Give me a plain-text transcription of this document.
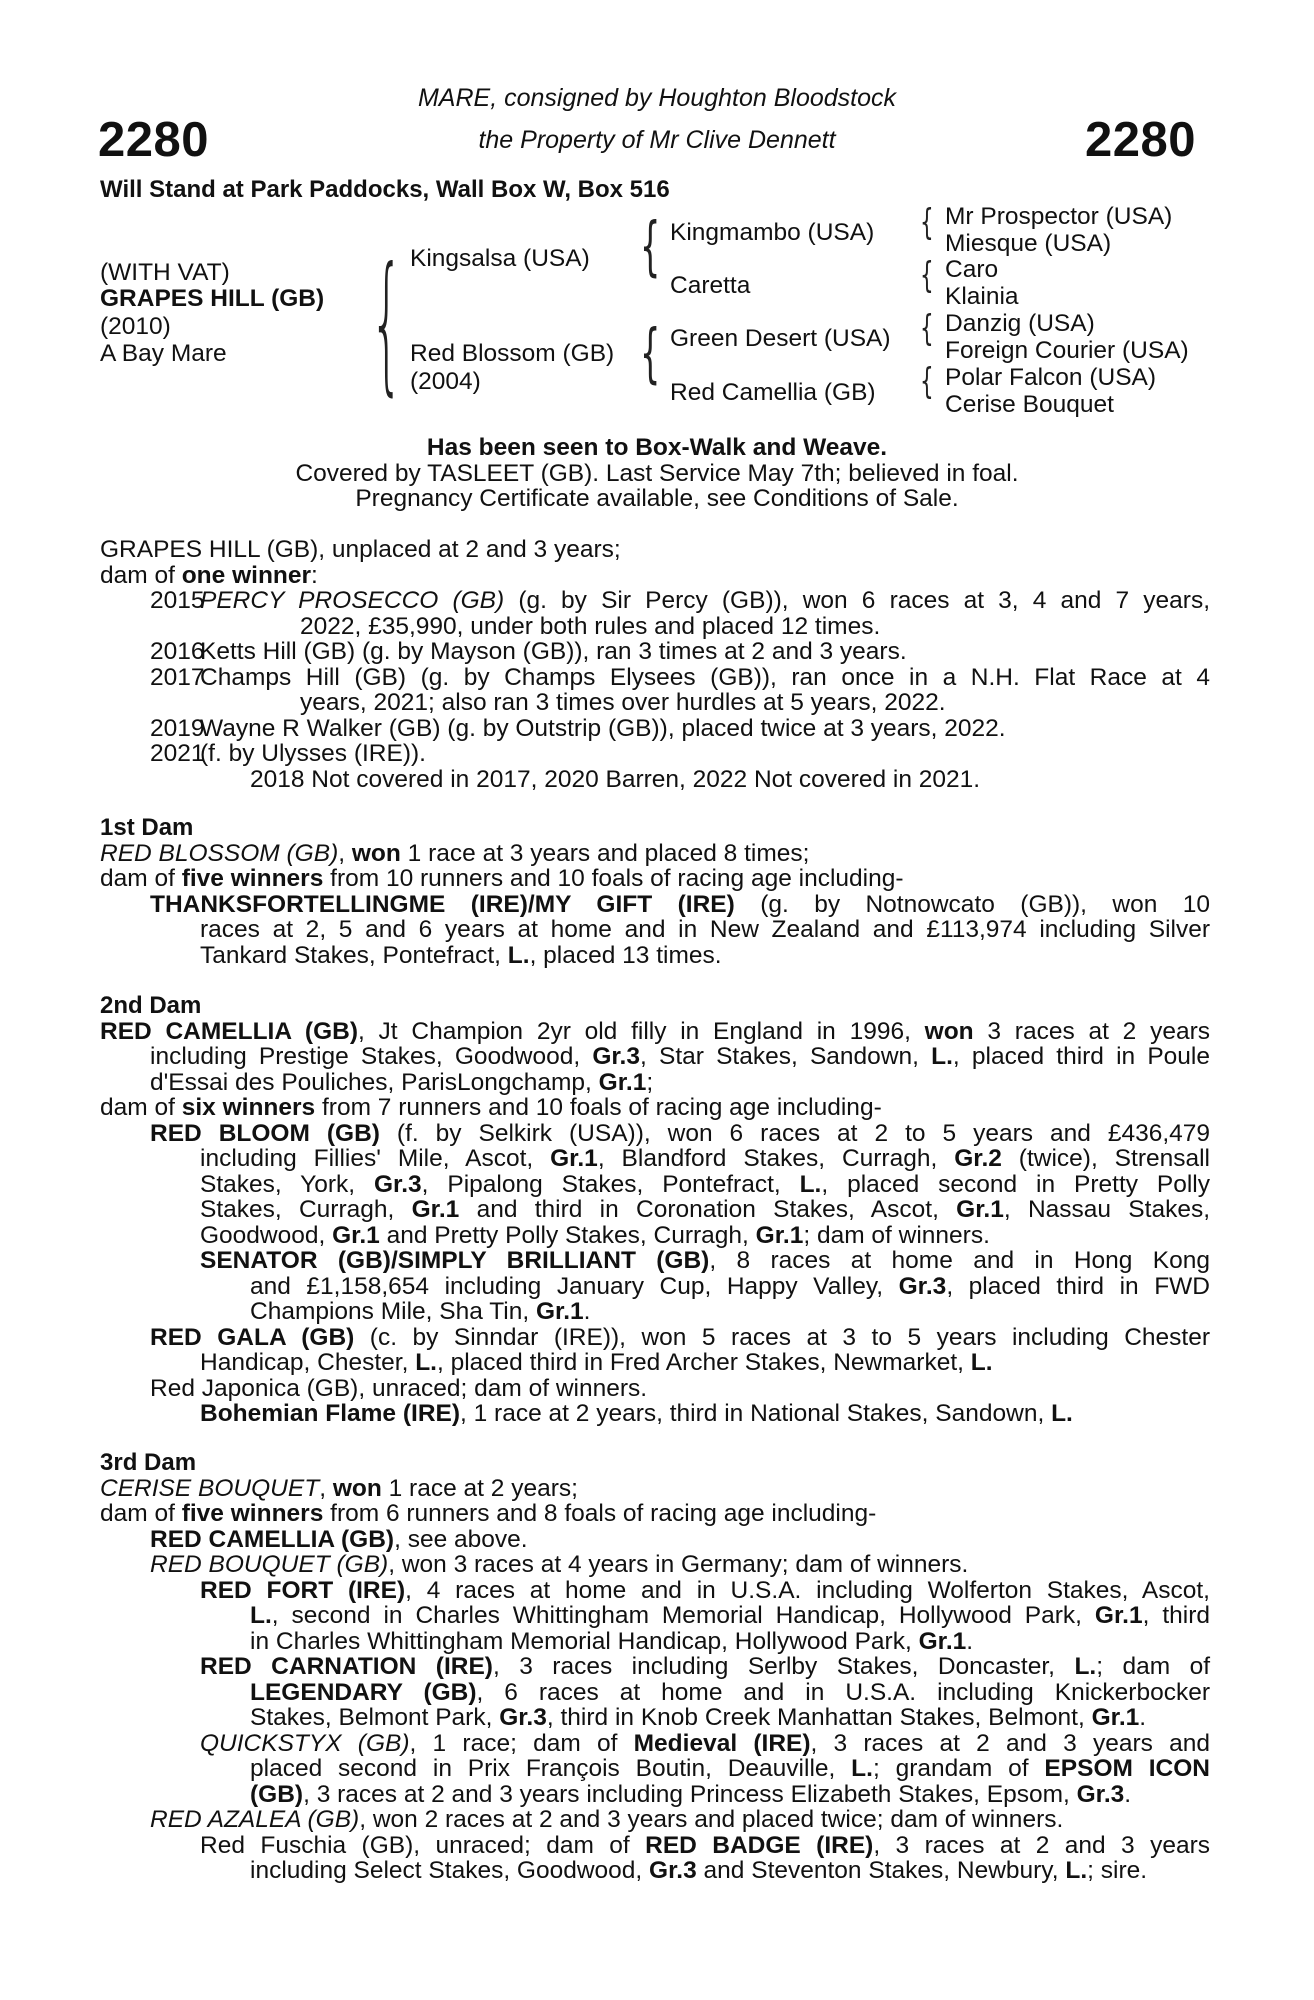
2280	2280
MARE, consigned by Houghton Bloodstock
the Property of Mr Clive Dennett
Will Stand at Park Paddocks, Wall Box W, Box 516
(WITH VAT)
GRAPES HILL (GB)
(2010)
A Bay Mare {	{
{
{
{
{
{
Kingsalsa (USA)
Red Blossom (GB)
(2004)
Kingmambo (USA)
Caretta
Green Desert (USA)
Red Camellia (GB)
Mr Prospector (USA)
Miesque (USA)
Caro
Klainia
Danzig (USA)
Foreign Courier (USA)
Polar Falcon (USA)
Cerise Bouquet
Has been seen to Box-Walk and Weave.
Covered by TASLEET (GB). Last Service May 7th; believed in foal.
Pregnancy Certificate available, see Conditions of Sale.
GRAPES HILL (GB), unplaced at 2 and 3 years;
dam of one winner:
2015
PERCY PROSECCO (GB) (g. by Sir Percy (GB)), won 6 races at 3, 4 and 7 years,
2022, £35,990, under both rules and placed 12 times.
2016
Ketts Hill (GB) (g. by Mayson (GB)), ran 3 times at 2 and 3 years.
2017
Champs Hill (GB) (g. by Champs Elysees (GB)), ran once in a N.H. Flat Race at 4
years, 2021; also ran 3 times over hurdles at 5 years, 2022.
2019
Wayne R Walker (GB) (g. by Outstrip (GB)), placed twice at 3 years, 2022.
2021
(f. by Ulysses (IRE)).
2018 Not covered in 2017, 2020 Barren, 2022 Not covered in 2021.
1st Dam
RED BLOSSOM (GB), won 1 race at 3 years and placed 8 times;
dam of five winners from 10 runners and 10 foals of racing age including-
THANKSFORTELLINGME (IRE)/MY GIFT (IRE) (g. by Notnowcato (GB)), won 10
races at 2, 5 and 6 years at home and in New Zealand and £113,974 including Silver
Tankard Stakes, Pontefract, L., placed 13 times.
2nd Dam
RED CAMELLIA (GB), Jt Champion 2yr old filly in England in 1996, won 3 races at 2 years
including Prestige Stakes, Goodwood, Gr.3, Star Stakes, Sandown, L., placed third in Poule
d'Essai des Pouliches, ParisLongchamp, Gr.1;
dam of six winners from 7 runners and 10 foals of racing age including-
RED BLOOM (GB) (f. by Selkirk (USA)), won 6 races at 2 to 5 years and £436,479
including Fillies' Mile, Ascot, Gr.1, Blandford Stakes, Curragh, Gr.2 (twice), Strensall
Stakes, York, Gr.3, Pipalong Stakes, Pontefract, L., placed second in Pretty Polly
Stakes, Curragh, Gr.1 and third in Coronation Stakes, Ascot, Gr.1, Nassau Stakes,
Goodwood, Gr.1 and Pretty Polly Stakes, Curragh, Gr.1; dam of winners.
SENATOR (GB)/SIMPLY BRILLIANT (GB), 8 races at home and in Hong Kong
and £1,158,654 including January Cup, Happy Valley, Gr.3, placed third in FWD
Champions Mile, Sha Tin, Gr.1.
RED GALA (GB) (c. by Sinndar (IRE)), won 5 races at 3 to 5 years including Chester
Handicap, Chester, L., placed third in Fred Archer Stakes, Newmarket, L.
Red Japonica (GB), unraced; dam of winners.
Bohemian Flame (IRE), 1 race at 2 years, third in National Stakes, Sandown, L.
3rd Dam
CERISE BOUQUET, won 1 race at 2 years;
dam of five winners from 6 runners and 8 foals of racing age including-
RED CAMELLIA (GB), see above.
RED BOUQUET (GB), won 3 races at 4 years in Germany; dam of winners.
RED FORT (IRE), 4 races at home and in U.S.A. including Wolferton Stakes, Ascot,
L., second in Charles Whittingham Memorial Handicap, Hollywood Park, Gr.1, third
in Charles Whittingham Memorial Handicap, Hollywood Park, Gr.1.
RED CARNATION (IRE), 3 races including Serlby Stakes, Doncaster, L.; dam of
LEGENDARY (GB), 6 races at home and in U.S.A. including Knickerbocker
Stakes, Belmont Park, Gr.3, third in Knob Creek Manhattan Stakes, Belmont, Gr.1.
QUICKSTYX (GB), 1 race; dam of Medieval (IRE), 3 races at 2 and 3 years and
placed second in Prix François Boutin, Deauville, L.; grandam of EPSOM ICON
(GB), 3 races at 2 and 3 years including Princess Elizabeth Stakes, Epsom, Gr.3.
RED AZALEA (GB), won 2 races at 2 and 3 years and placed twice; dam of winners.
Red Fuschia (GB), unraced; dam of RED BADGE (IRE), 3 races at 2 and 3 years
including Select Stakes, Goodwood, Gr.3 and Steventon Stakes, Newbury, L.; sire.
